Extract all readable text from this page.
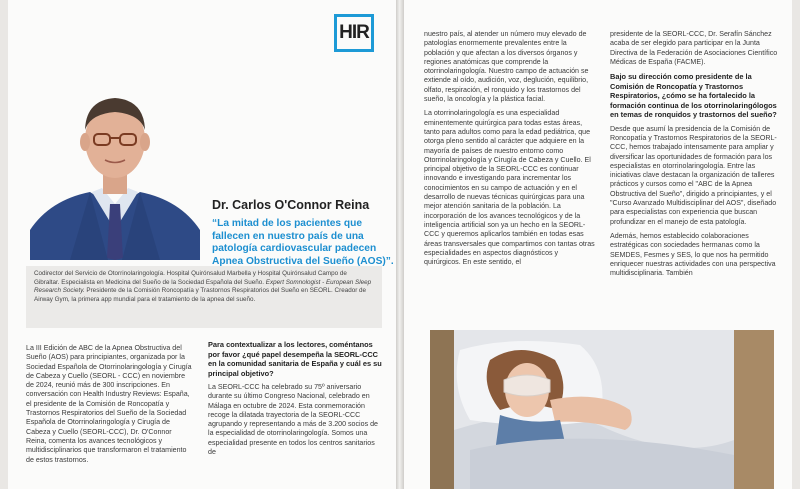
HIR
Dr. Carlos O'Connor Reina
“La mitad de los pacientes que fallecen en nuestro país de una patología cardiovascular padecen Apnea Obstructiva del Sueño (AOS)”.
Codirector del Servicio de Otorrinolaringología. Hospital Quirónsalud Marbella y Hospital Quirónsalud Campo de Gibraltar. Especialista en Medicina del Sueño de la Sociedad Española del Sueño. Expert Somnologist - European Sleep Research Society. Presidente de la Comisión Roncopatía y Trastornos Respiratorios del Sueño en SEORL. Creador de Airway Gym, la primera app mundial para el tratamiento de la apnea del sueño.

La III Edición de ABC de la Apnea Obstructiva del Sueño (AOS) para principiantes, organizada por la Sociedad Española de Otorrinolaringología y Cirugía de Cabeza y Cuello (SEORL - CCC) en noviembre de 2024, reunió más de 300 inscripciones. En conversación con Health Industry Reviews: España, el presidente de la Comisión de Roncopatía y Trastornos Respiratorios del Sueño de la Sociedad Española de Otorrinolaringología y Cirugía de Cabeza y Cuello (SEORL-CCC), Dr. O'Connor Reina, comenta los avances tecnológicos y multidisciplinarios que transformaron el tratamiento de estos trastornos.

Para contextualizar a los lectores, coméntanos por favor ¿qué papel desempeña la SEORL-CCC en la comunidad sanitaria de España y cuál es su principal objetivo?

La SEORL-CCC ha celebrado su 75º aniversario durante su último Congreso Nacional, celebrado en Málaga en octubre de 2024. Esta conmemoración recoge la dilatada trayectoria de la SEORL-CCC agrupando y representando a más de 3.200 socios de la especialidad de otorrinolaringología. Somos una especialidad presente en todos los centros sanitarios de

nuestro país, al atender un número muy elevado de patologías enormemente prevalentes entre la población y que afectan a los diversos órganos y regiones anatómicas que comprende la otorrinolaringología. Nuestro campo de actuación se extiende al oído, audición, voz, deglución, equilibrio, olfato, respiración, el ronquido y los trastornos del sueño, la oncología y la plástica facial.

La otorrinolaringología es una especialidad eminentemente quirúrgica para todas estas áreas, tanto para adultos como para la edad pediátrica, que otorga pleno sentido al carácter que adquiere en la mayoría de países de nuestro entorno como Otorrinolaringología y Cirugía de Cabeza y Cuello. El principal objetivo de la SEORL-CCC es continuar innovando e investigando para incrementar los conocimientos en su campo de actuación y en el desarrollo de nuevas técnicas quirúrgicas para una mejor atención sanitaria de la población. La incorporación de los avances tecnológicos y de la inteligencia artificial son ya un hecho en la SEORL-CCC y queremos aplicarlos también en todas esas áreas transversales que compartimos con tantas otras especialidades en aspectos diagnósticos y quirúrgicos. En este sentido, el

presidente de la SEORL-CCC, Dr. Serafín Sánchez acaba de ser elegido para participar en la Junta Directiva de la Federación de Asociaciones Científico Médicas de España (FACME).

Bajo su dirección como presidente de la Comisión de Roncopatía y Trastornos Respiratorios, ¿cómo se ha fortalecido la formación continua de los otorrinolaringólogos en temas de ronquidos y trastornos del sueño?

Desde que asumí la presidencia de la Comisión de Roncopatía y Trastornos Respiratorios de la SEORL-CCC, hemos trabajado intensamente para ampliar y diversificar las oportunidades de formación para los especialistas en otorrinolaringología. Entre las iniciativas clave destacan la organización de talleres prácticos y cursos como el "ABC de la Apnea Obstructiva del Sueño", dirigido a principiantes, y el "Curso Avanzado Multidisciplinar del AOS", diseñado para especialistas con experiencia que buscan profundizar en el manejo de esta patología.

Además, hemos establecido colaboraciones estratégicas con sociedades hermanas como la SEMDES, Fesmes y SES, lo que nos ha permitido enriquecer nuestras actividades con una perspectiva multidisciplinaria. También
